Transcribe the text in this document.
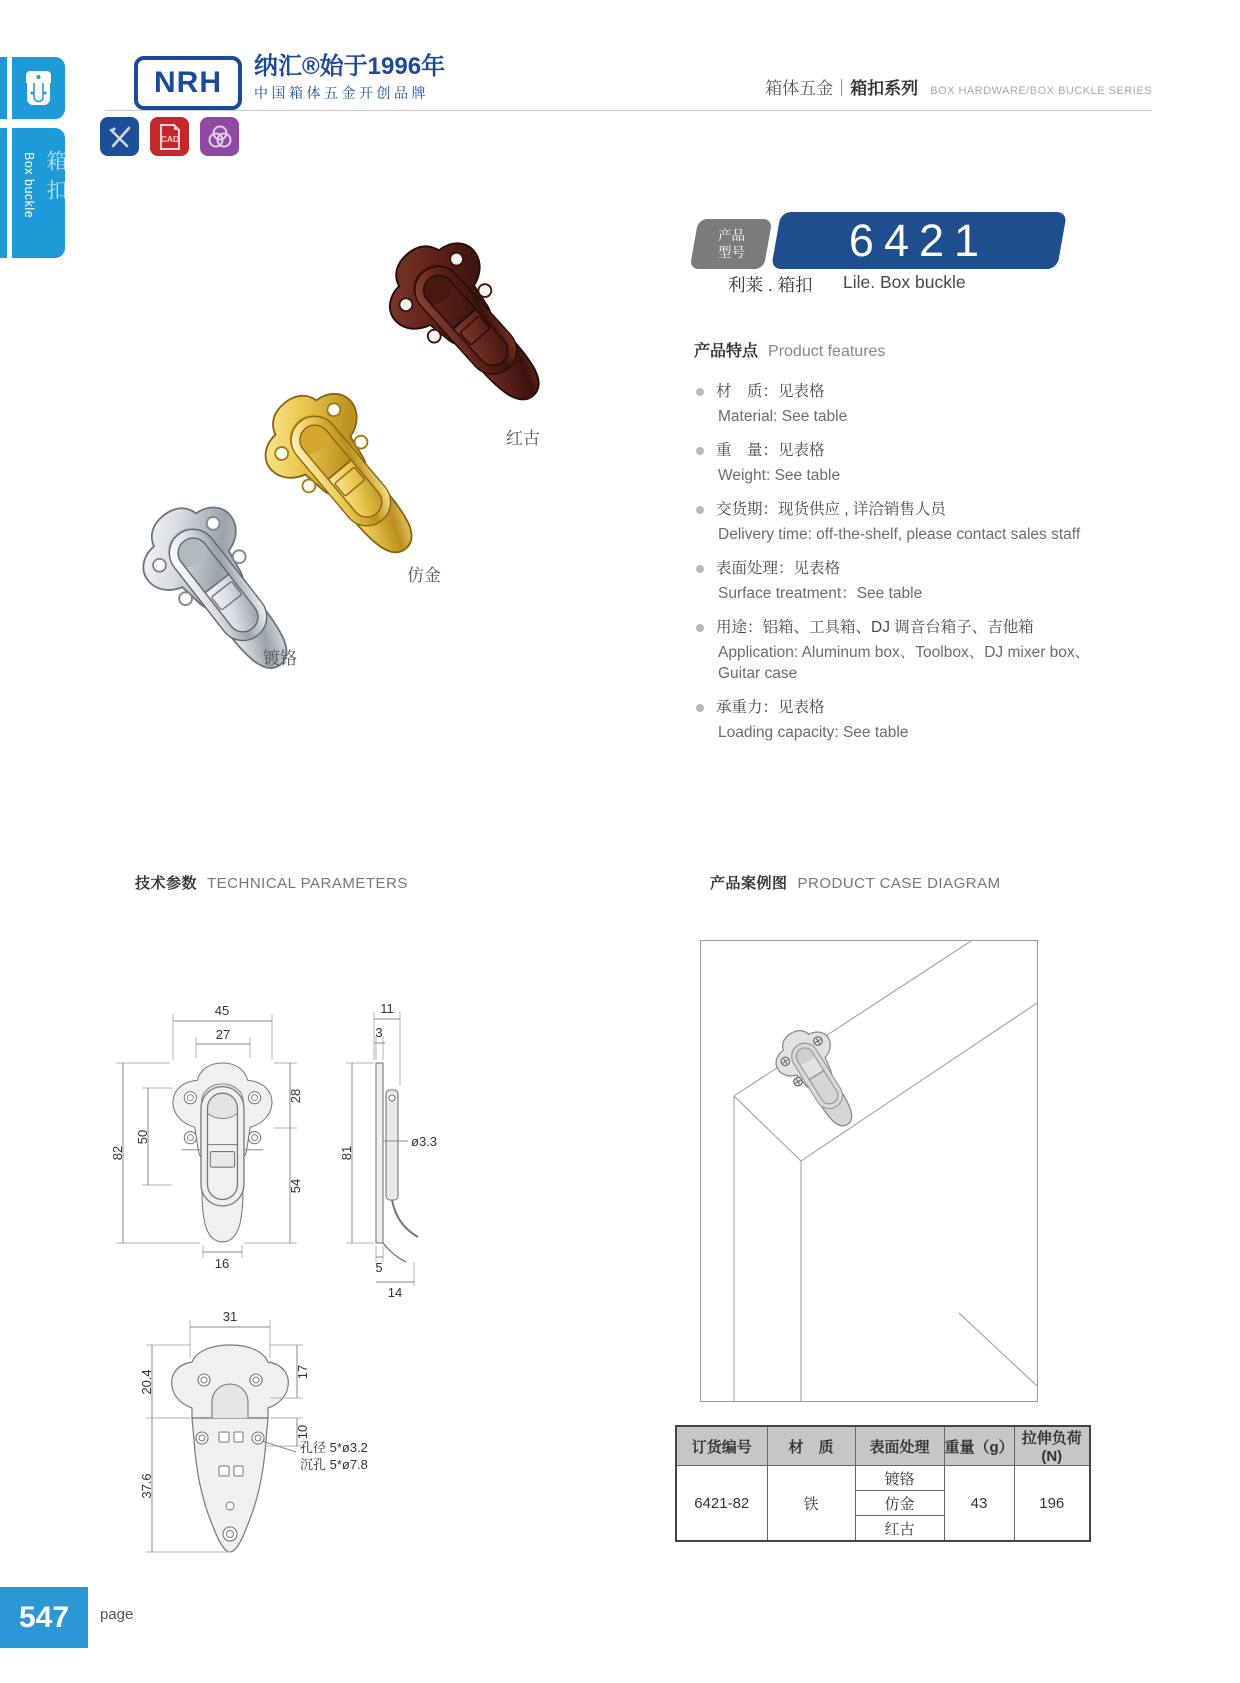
NRH 纳汇®始于1996年
中国箱体五金开创品牌	箱体五金｜箱扣系列 BOX HARDWARE/BOX BUCKLE SERIES
箱扣
Box buckle
CAD
红古
仿金
镀铬
产品
型号 6421
利莱 . 箱扣 Lile. Box buckle
产品特点 Product features
材　质：见表格
Material: See table
重　量：见表格
Weight: See table
交货期：现货供应 , 详洽销售人员
Delivery time: off-the-shelf, please contact sales staff
表面处理：见表格
Surface treatment：See table
用途：铝箱、工具箱、DJ 调音台箱子、吉他箱
Application: Aluminum box、Toolbox、DJ mixer box、Guitar case
承重力：见表格
Loading capacity: See table
技术参数 TECHNICAL PARAMETERS	产品案例图 PRODUCT CASE DIAGRAM
45
27
82
50
28
54
16
11
3
81
ø3.3
5
14
31
17
20.4
10
37.6
孔径 5*ø3.2
沉孔 5*ø7.8
订货编号	材　质	表面处理	重量（g）	拉伸负荷 (N)
6421-82	铁	镀铬	43	196
		仿金		
		红古		
547 page
